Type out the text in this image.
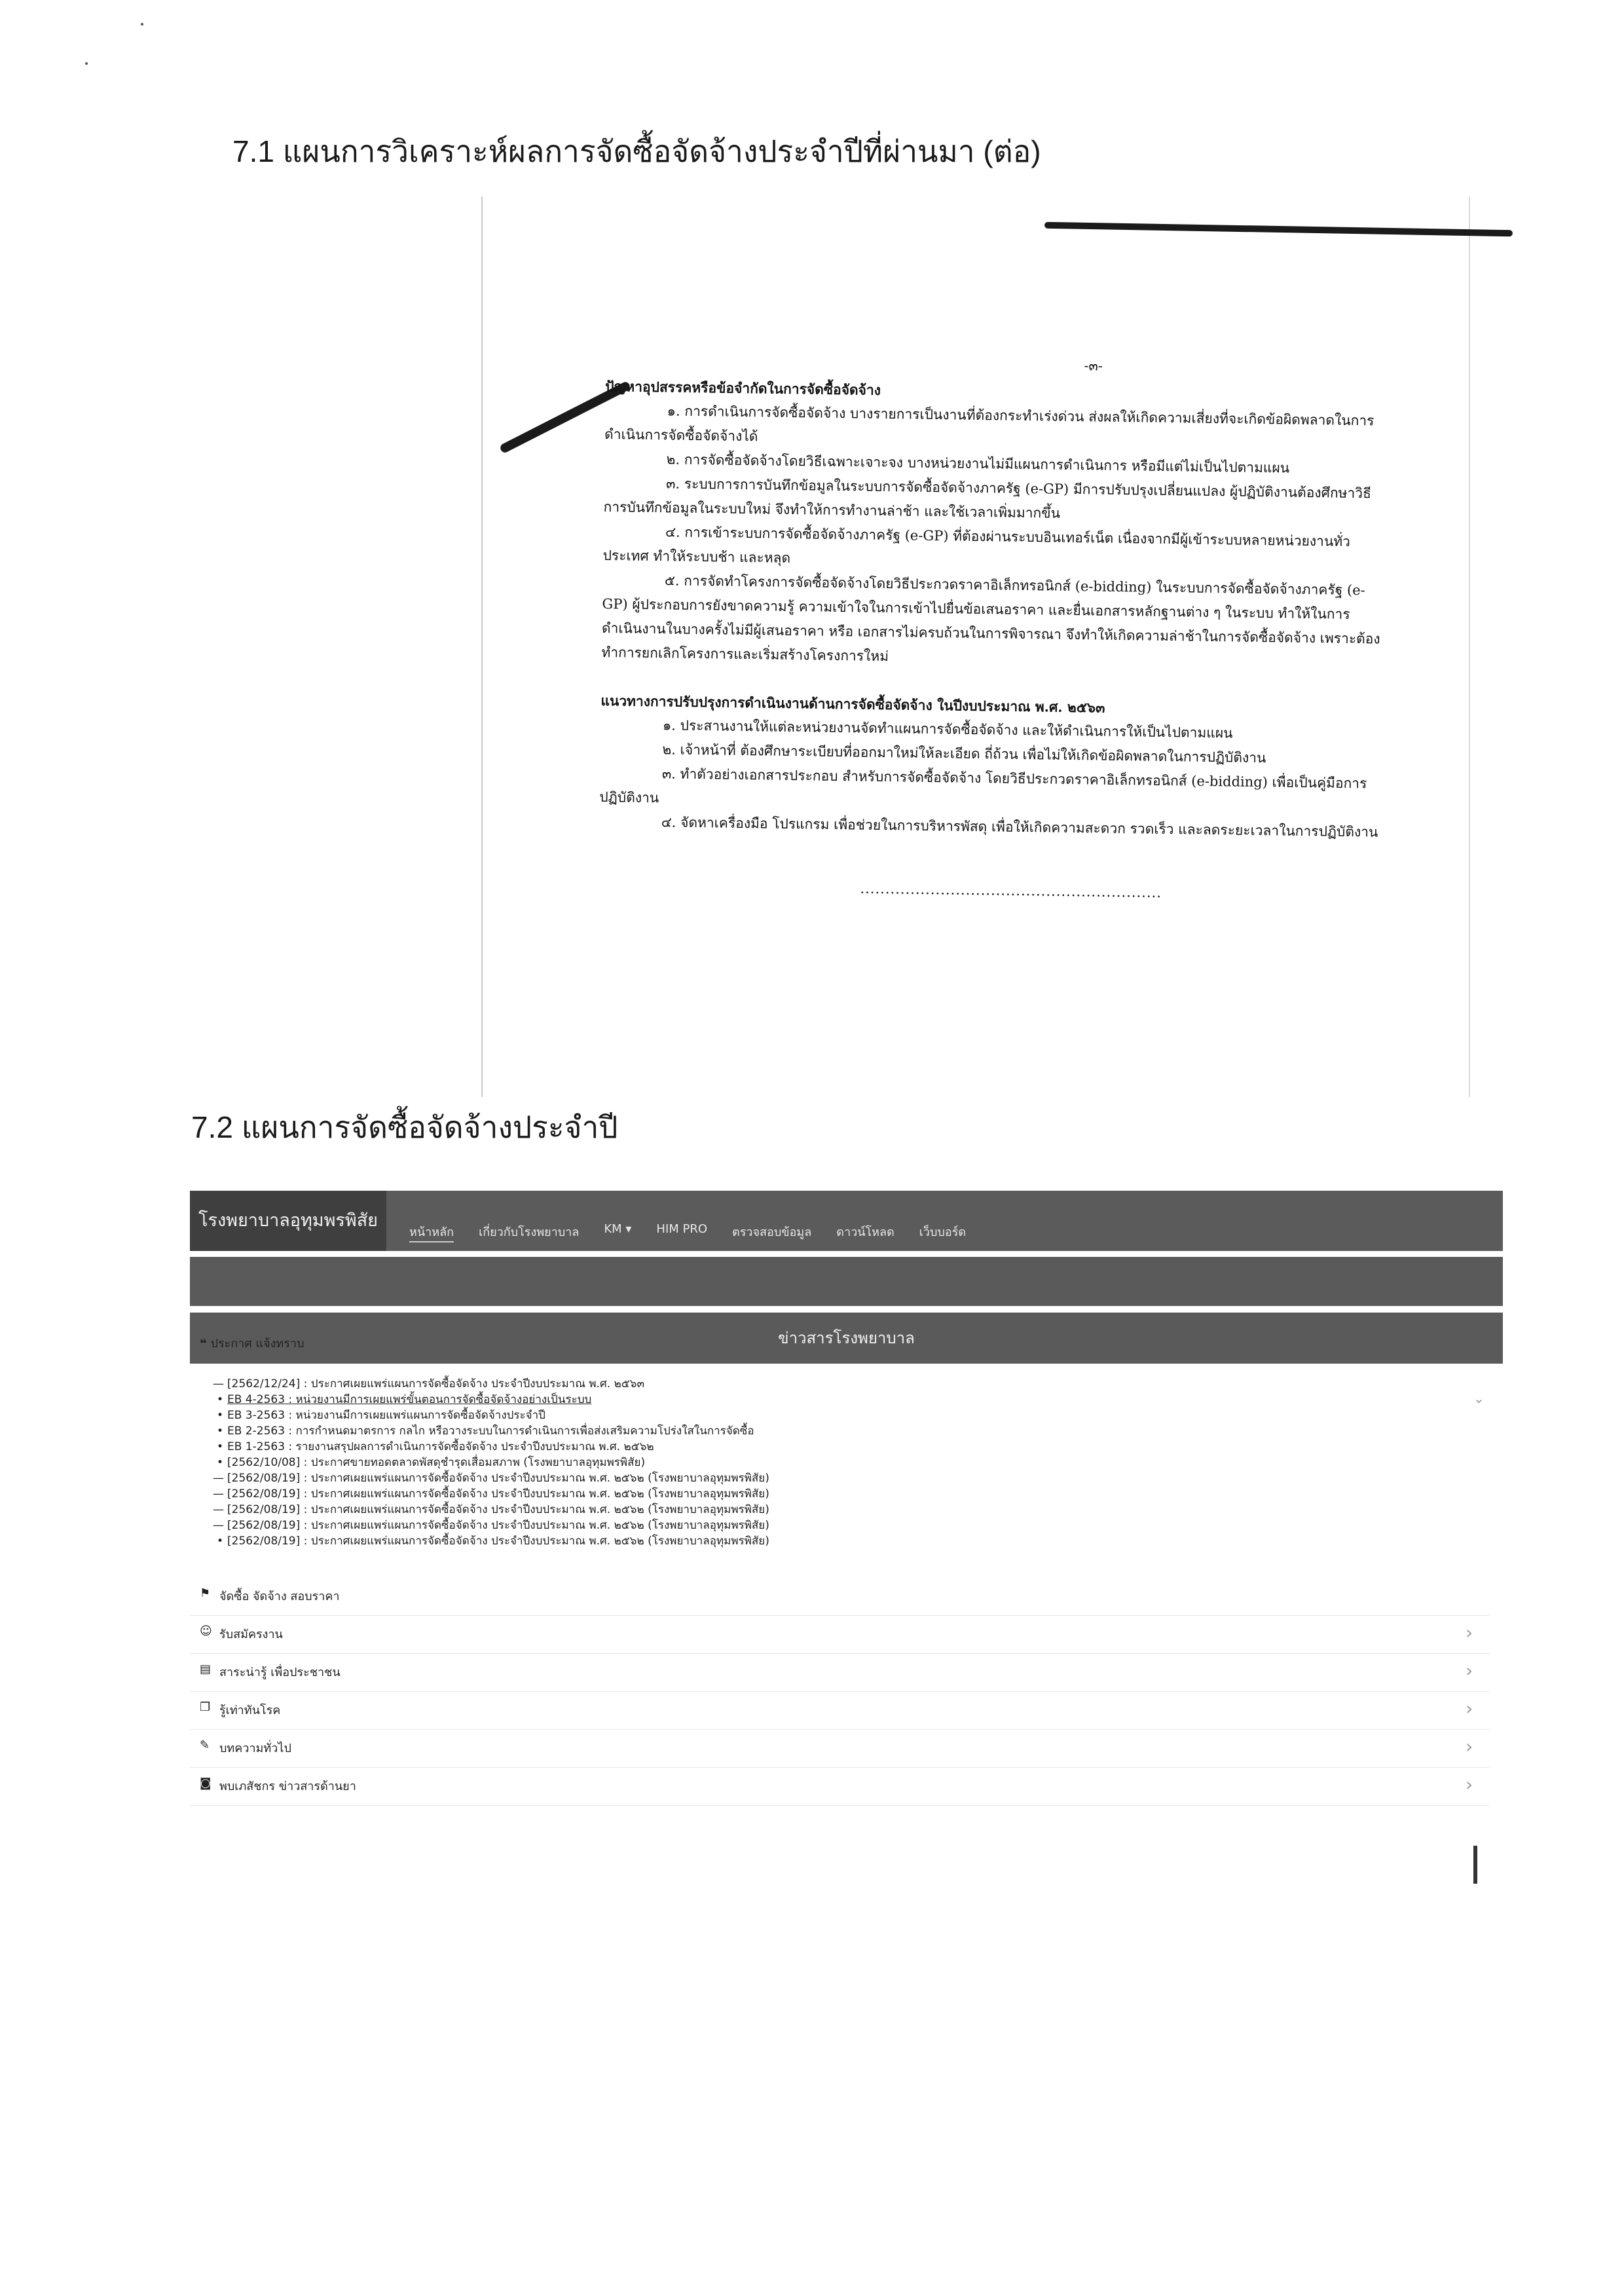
7.1 แผนการวิเคราะห์ผลการจัดซื้อจัดจ้างประจำปีที่ผ่านมา (ต่อ)
-๓-
ปัญหาอุปสรรคหรือข้อจำกัดในการจัดซื้อจัดจ้าง

๑. การดำเนินการจัดซื้อจัดจ้าง บางรายการเป็นงานที่ต้องกระทำเร่งด่วน ส่งผลให้เกิดความเสี่ยงที่จะเกิดข้อผิดพลาดในการดำเนินการจัดซื้อจัดจ้างได้

๒. การจัดซื้อจัดจ้างโดยวิธีเฉพาะเจาะจง บางหน่วยงานไม่มีแผนการดำเนินการ หรือมีแต่ไม่เป็นไปตามแผน

๓. ระบบการการบันทึกข้อมูลในระบบการจัดซื้อจัดจ้างภาครัฐ (e-GP) มีการปรับปรุงเปลี่ยนแปลง ผู้ปฏิบัติงานต้องศึกษาวิธีการบันทึกข้อมูลในระบบใหม่ จึงทำให้การทำงานล่าช้า และใช้เวลาเพิ่มมากขึ้น

๔. การเข้าระบบการจัดซื้อจัดจ้างภาครัฐ (e-GP) ที่ต้องผ่านระบบอินเทอร์เน็ต เนื่องจากมีผู้เข้าระบบหลายหน่วยงานทั่วประเทศ ทำให้ระบบช้า และหลุด

๕. การจัดทำโครงการจัดซื้อจัดจ้างโดยวิธีประกวดราคาอิเล็กทรอนิกส์ (e-bidding) ในระบบการจัดซื้อจัดจ้างภาครัฐ (e-GP) ผู้ประกอบการยังขาดความรู้ ความเข้าใจในการเข้าไปยื่นข้อเสนอราคา และยื่นเอกสารหลักฐานต่าง ๆ ในระบบ ทำให้ในการดำเนินงานในบางครั้งไม่มีผู้เสนอราคา หรือ เอกสารไม่ครบถ้วนในการพิจารณา จึงทำให้เกิดความล่าช้าในการจัดซื้อจัดจ้าง เพราะต้องทำการยกเลิกโครงการและเริ่มสร้างโครงการใหม่

แนวทางการปรับปรุงการดำเนินงานด้านการจัดซื้อจัดจ้าง ในปีงบประมาณ พ.ศ. ๒๕๖๓

๑. ประสานงานให้แต่ละหน่วยงานจัดทำแผนการจัดซื้อจัดจ้าง และให้ดำเนินการให้เป็นไปตามแผน

๒. เจ้าหน้าที่ ต้องศึกษาระเบียบที่ออกมาใหม่ให้ละเอียด ถี่ถ้วน เพื่อไม่ให้เกิดข้อผิดพลาดในการปฏิบัติงาน

๓. ทำตัวอย่างเอกสารประกอบ สำหรับการจัดซื้อจัดจ้าง โดยวิธีประกวดราคาอิเล็กทรอนิกส์ (e-bidding) เพื่อเป็นคู่มือการปฏิบัติงาน

๔. จัดหาเครื่องมือ โปรแกรม เพื่อช่วยในการบริหารพัสดุ เพื่อให้เกิดความสะดวก รวดเร็ว และลดระยะเวลาในการปฏิบัติงาน

............................................................
7.2 แผนการจัดซื้อจัดจ้างประจำปี
โรงพยาบาลอุทุมพรพิสัย
หน้าหลัก เกี่ยวกับโรงพยาบาล KM ▾ HIM PRO ตรวจสอบข้อมูล ดาวน์โหลด เว็บบอร์ด
ข่าวสารโรงพยาบาล
❝ ประกาศ แจ้งทราบ
⌄
— [2562/12/24] : ประกาศเผยแพร่แผนการจัดซื้อจัดจ้าง ประจำปีงบประมาณ พ.ศ. ๒๕๖๓
• EB 4-2563 : หน่วยงานมีการเผยแพร่ขั้นตอนการจัดซื้อจัดจ้างอย่างเป็นระบบ
• EB 3-2563 : หน่วยงานมีการเผยแพร่แผนการจัดซื้อจัดจ้างประจำปี
• EB 2-2563 : การกำหนดมาตรการ กลไก หรือวางระบบในการดำเนินการเพื่อส่งเสริมความโปร่งใสในการจัดซื้อ
• EB 1-2563 : รายงานสรุปผลการดำเนินการจัดซื้อจัดจ้าง ประจำปีงบประมาณ พ.ศ. ๒๕๖๒
• [2562/10/08] : ประกาศขายทอดตลาดพัสดุชำรุดเสื่อมสภาพ (โรงพยาบาลอุทุมพรพิสัย)
— [2562/08/19] : ประกาศเผยแพร่แผนการจัดซื้อจัดจ้าง ประจำปีงบประมาณ พ.ศ. ๒๕๖๒ (โรงพยาบาลอุทุมพรพิสัย)
— [2562/08/19] : ประกาศเผยแพร่แผนการจัดซื้อจัดจ้าง ประจำปีงบประมาณ พ.ศ. ๒๕๖๒ (โรงพยาบาลอุทุมพรพิสัย)
— [2562/08/19] : ประกาศเผยแพร่แผนการจัดซื้อจัดจ้าง ประจำปีงบประมาณ พ.ศ. ๒๕๖๒ (โรงพยาบาลอุทุมพรพิสัย)
— [2562/08/19] : ประกาศเผยแพร่แผนการจัดซื้อจัดจ้าง ประจำปีงบประมาณ พ.ศ. ๒๕๖๒ (โรงพยาบาลอุทุมพรพิสัย)
• [2562/08/19] : ประกาศเผยแพร่แผนการจัดซื้อจัดจ้าง ประจำปีงบประมาณ พ.ศ. ๒๕๖๒ (โรงพยาบาลอุทุมพรพิสัย)
⚑ จัดซื้อ จัดจ้าง สอบราคา
☺ รับสมัครงาน	›
▤ สาระน่ารู้ เพื่อประชาชน	›
❐ รู้เท่าทันโรค	›
✎ บทความทั่วไป	›
◙ พบเภสัชกร ข่าวสารด้านยา	›
